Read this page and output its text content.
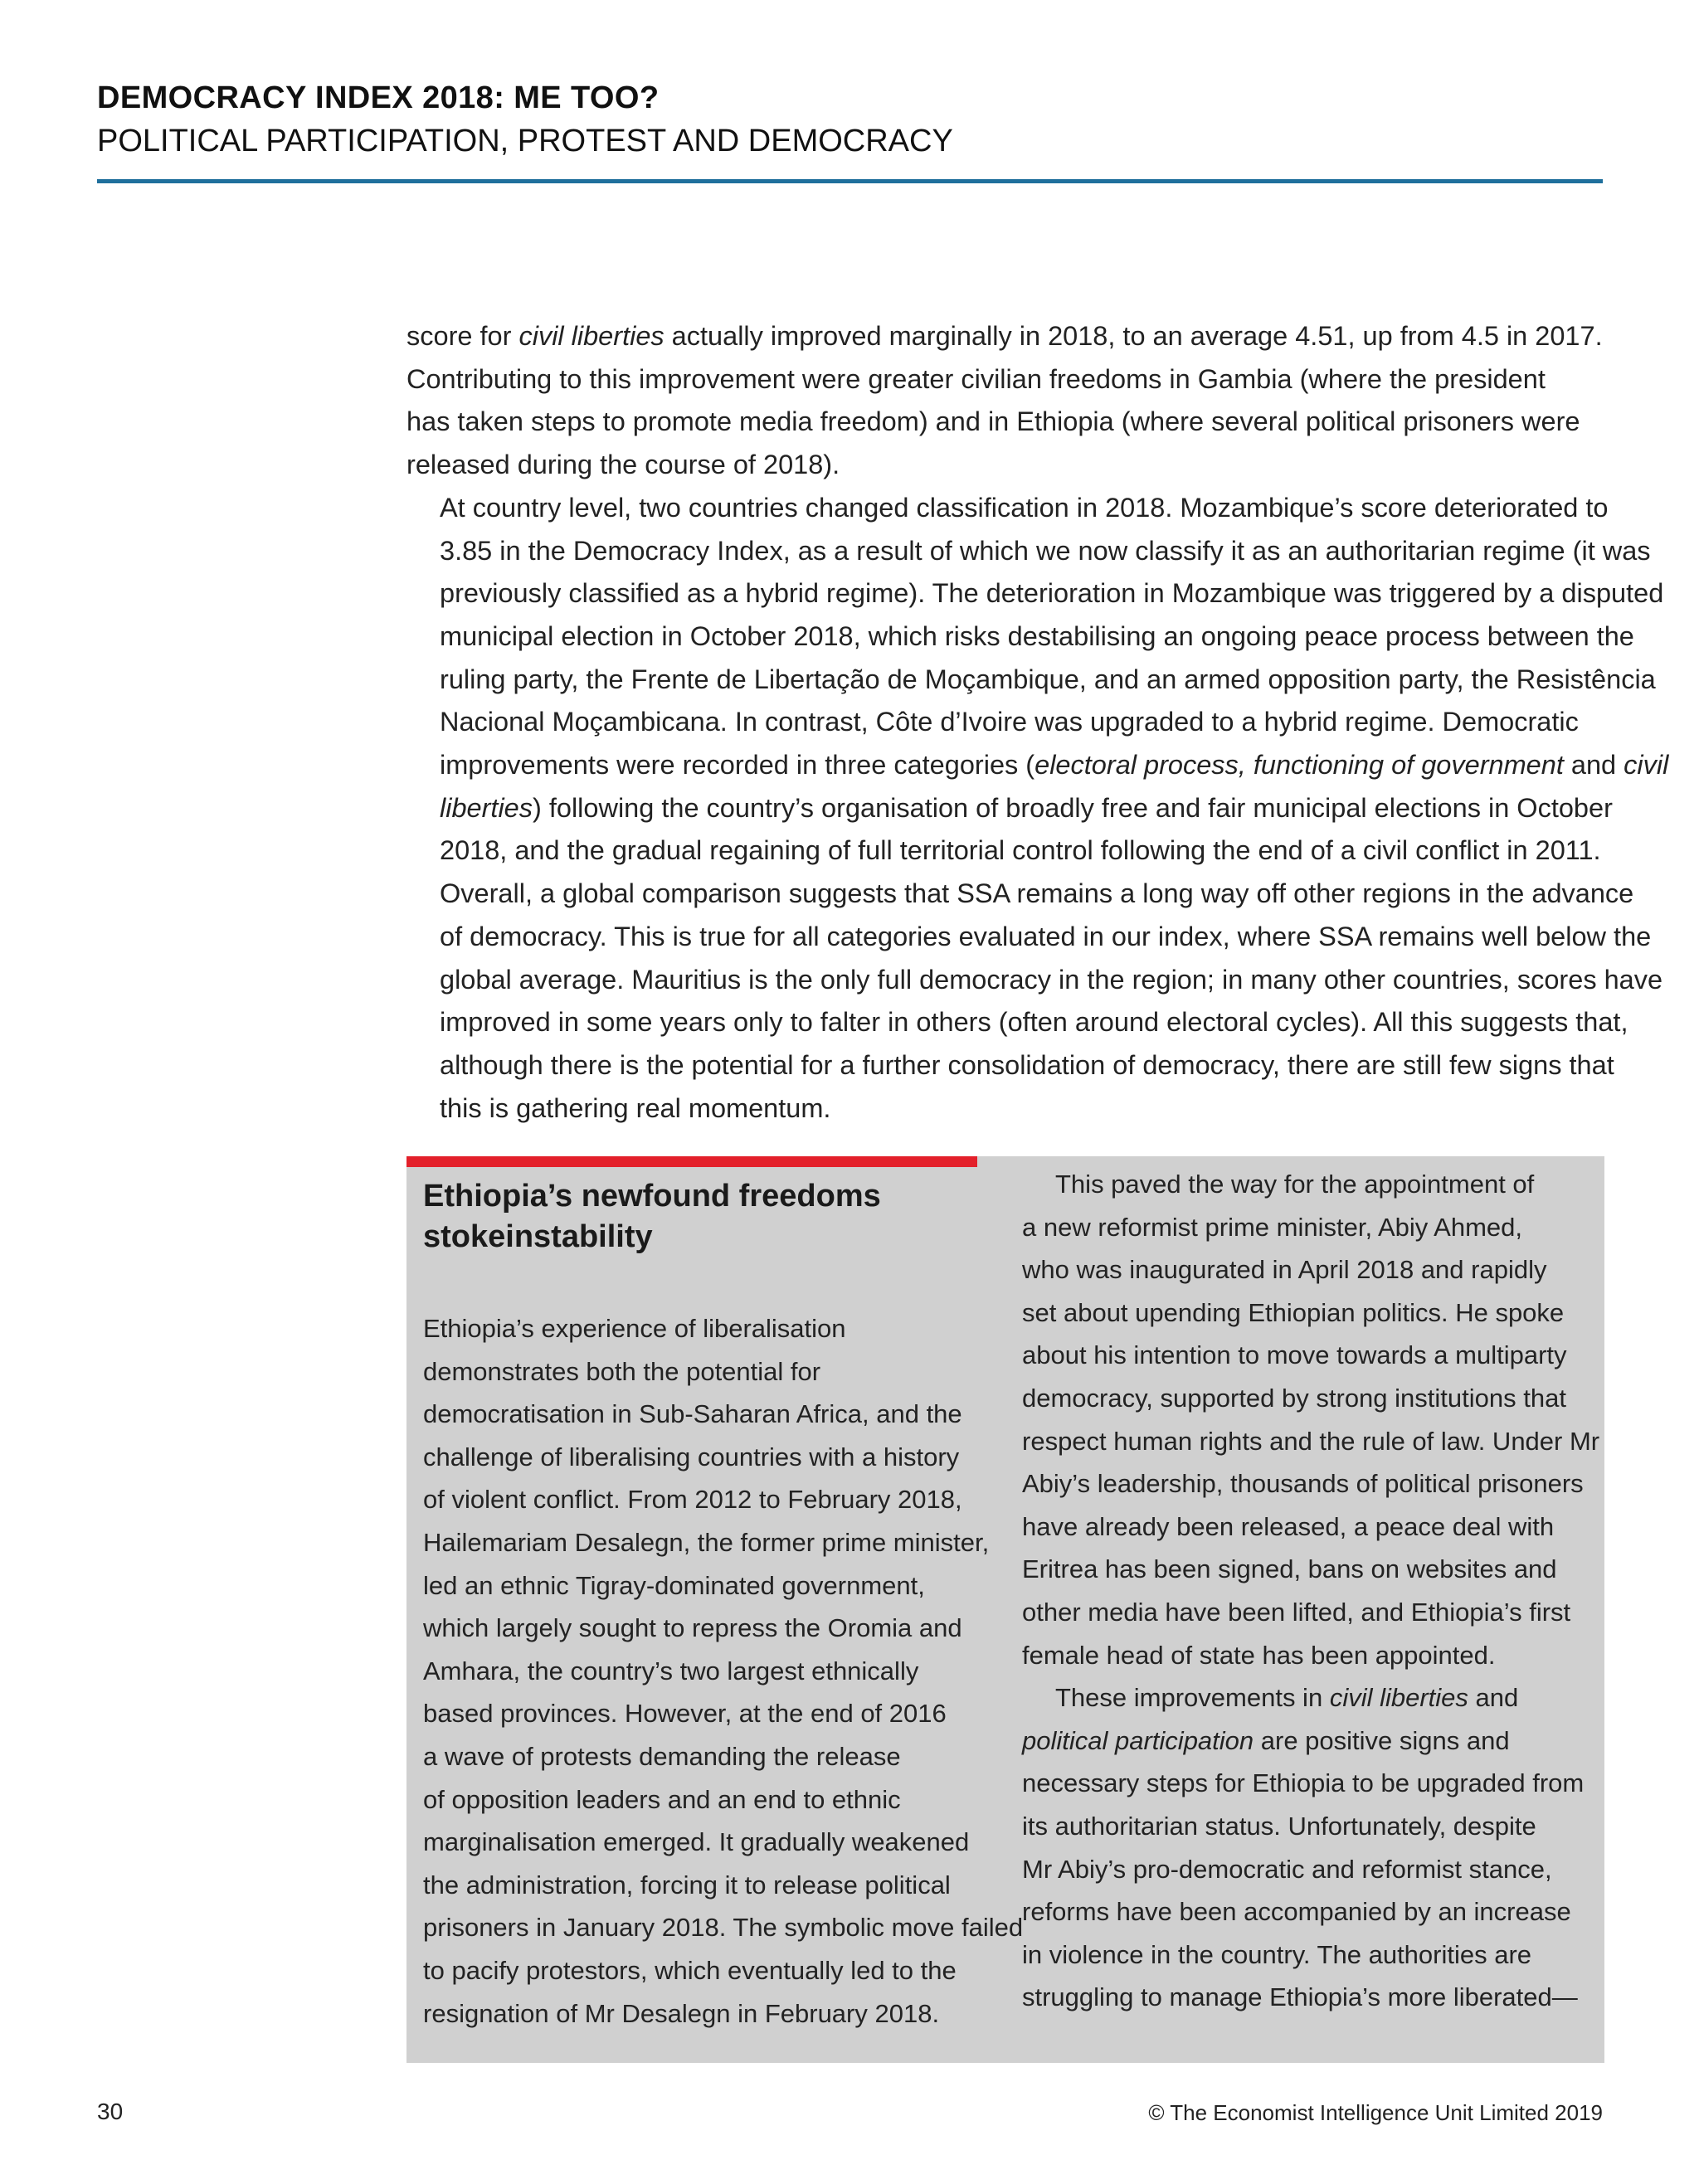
DEMOCRACY INDEX 2018: ME TOO?

POLITICAL PARTICIPATION, PROTEST AND DEMOCRACY

score for civil liberties actually improved marginally in 2018, to an average 4.51, up from 4.5 in 2017.
Contributing to this improvement were greater civilian freedoms in Gambia (where the president
has taken steps to promote media freedom) and in Ethiopia (where several political prisoners were
released during the course of 2018).

At country level, two countries changed classification in 2018. Mozambique’s score deteriorated to
3.85 in the Democracy Index, as a result of which we now classify it as an authoritarian regime (it was
previously classified as a hybrid regime). The deterioration in Mozambique was triggered by a disputed
municipal election in October 2018, which risks destabilising an ongoing peace process between the
ruling party, the Frente de Libertação de Moçambique, and an armed opposition party, the Resistência
Nacional Moçambicana. In contrast, Côte d’Ivoire was upgraded to a hybrid regime. Democratic
improvements were recorded in three categories (electoral process, functioning of government and civil
liberties) following the country’s organisation of broadly free and fair municipal elections in October
2018, and the gradual regaining of full territorial control following the end of a civil conflict in 2011.

Overall, a global comparison suggests that SSA remains a long way off other regions in the advance
of democracy. This is true for all categories evaluated in our index, where SSA remains well below the
global average. Mauritius is the only full democracy in the region; in many other countries, scores have
improved in some years only to falter in others (often around electoral cycles). All this suggests that,
although there is the potential for a further consolidation of democracy, there are still few signs that
this is gathering real momentum.

Ethiopia’s newfound freedoms stokeinstability
Ethiopia’s experience of liberalisation
demonstrates both the potential for
democratisation in Sub-Saharan Africa, and the
challenge of liberalising countries with a history
of violent conflict. From 2012 to February 2018,
Hailemariam Desalegn, the former prime minister,
led an ethnic Tigray-dominated government,
which largely sought to repress the Oromia and
Amhara, the country’s two largest ethnically
based provinces. However, at the end of 2016
a wave of protests demanding the release
of opposition leaders and an end to ethnic
marginalisation emerged. It gradually weakened
the administration, forcing it to release political
prisoners in January 2018. The symbolic move failed
to pacify protestors, which eventually led to the
resignation of Mr Desalegn in February 2018.
This paved the way for the appointment of
a new reformist prime minister, Abiy Ahmed,
who was inaugurated in April 2018 and rapidly
set about upending Ethiopian politics. He spoke
about his intention to move towards a multiparty
democracy, supported by strong institutions that
respect human rights and the rule of law. Under Mr
Abiy’s leadership, thousands of political prisoners
have already been released, a peace deal with
Eritrea has been signed, bans on websites and
other media have been lifted, and Ethiopia’s first
female head of state has been appointed.
These improvements in civil liberties and
political participation are positive signs and
necessary steps for Ethiopia to be upgraded from
its authoritarian status. Unfortunately, despite
Mr Abiy’s pro-democratic and reformist stance,
reforms have been accompanied by an increase
in violence in the country. The authorities are
struggling to manage Ethiopia’s more liberated—
30	© The Economist Intelligence Unit Limited 2019
